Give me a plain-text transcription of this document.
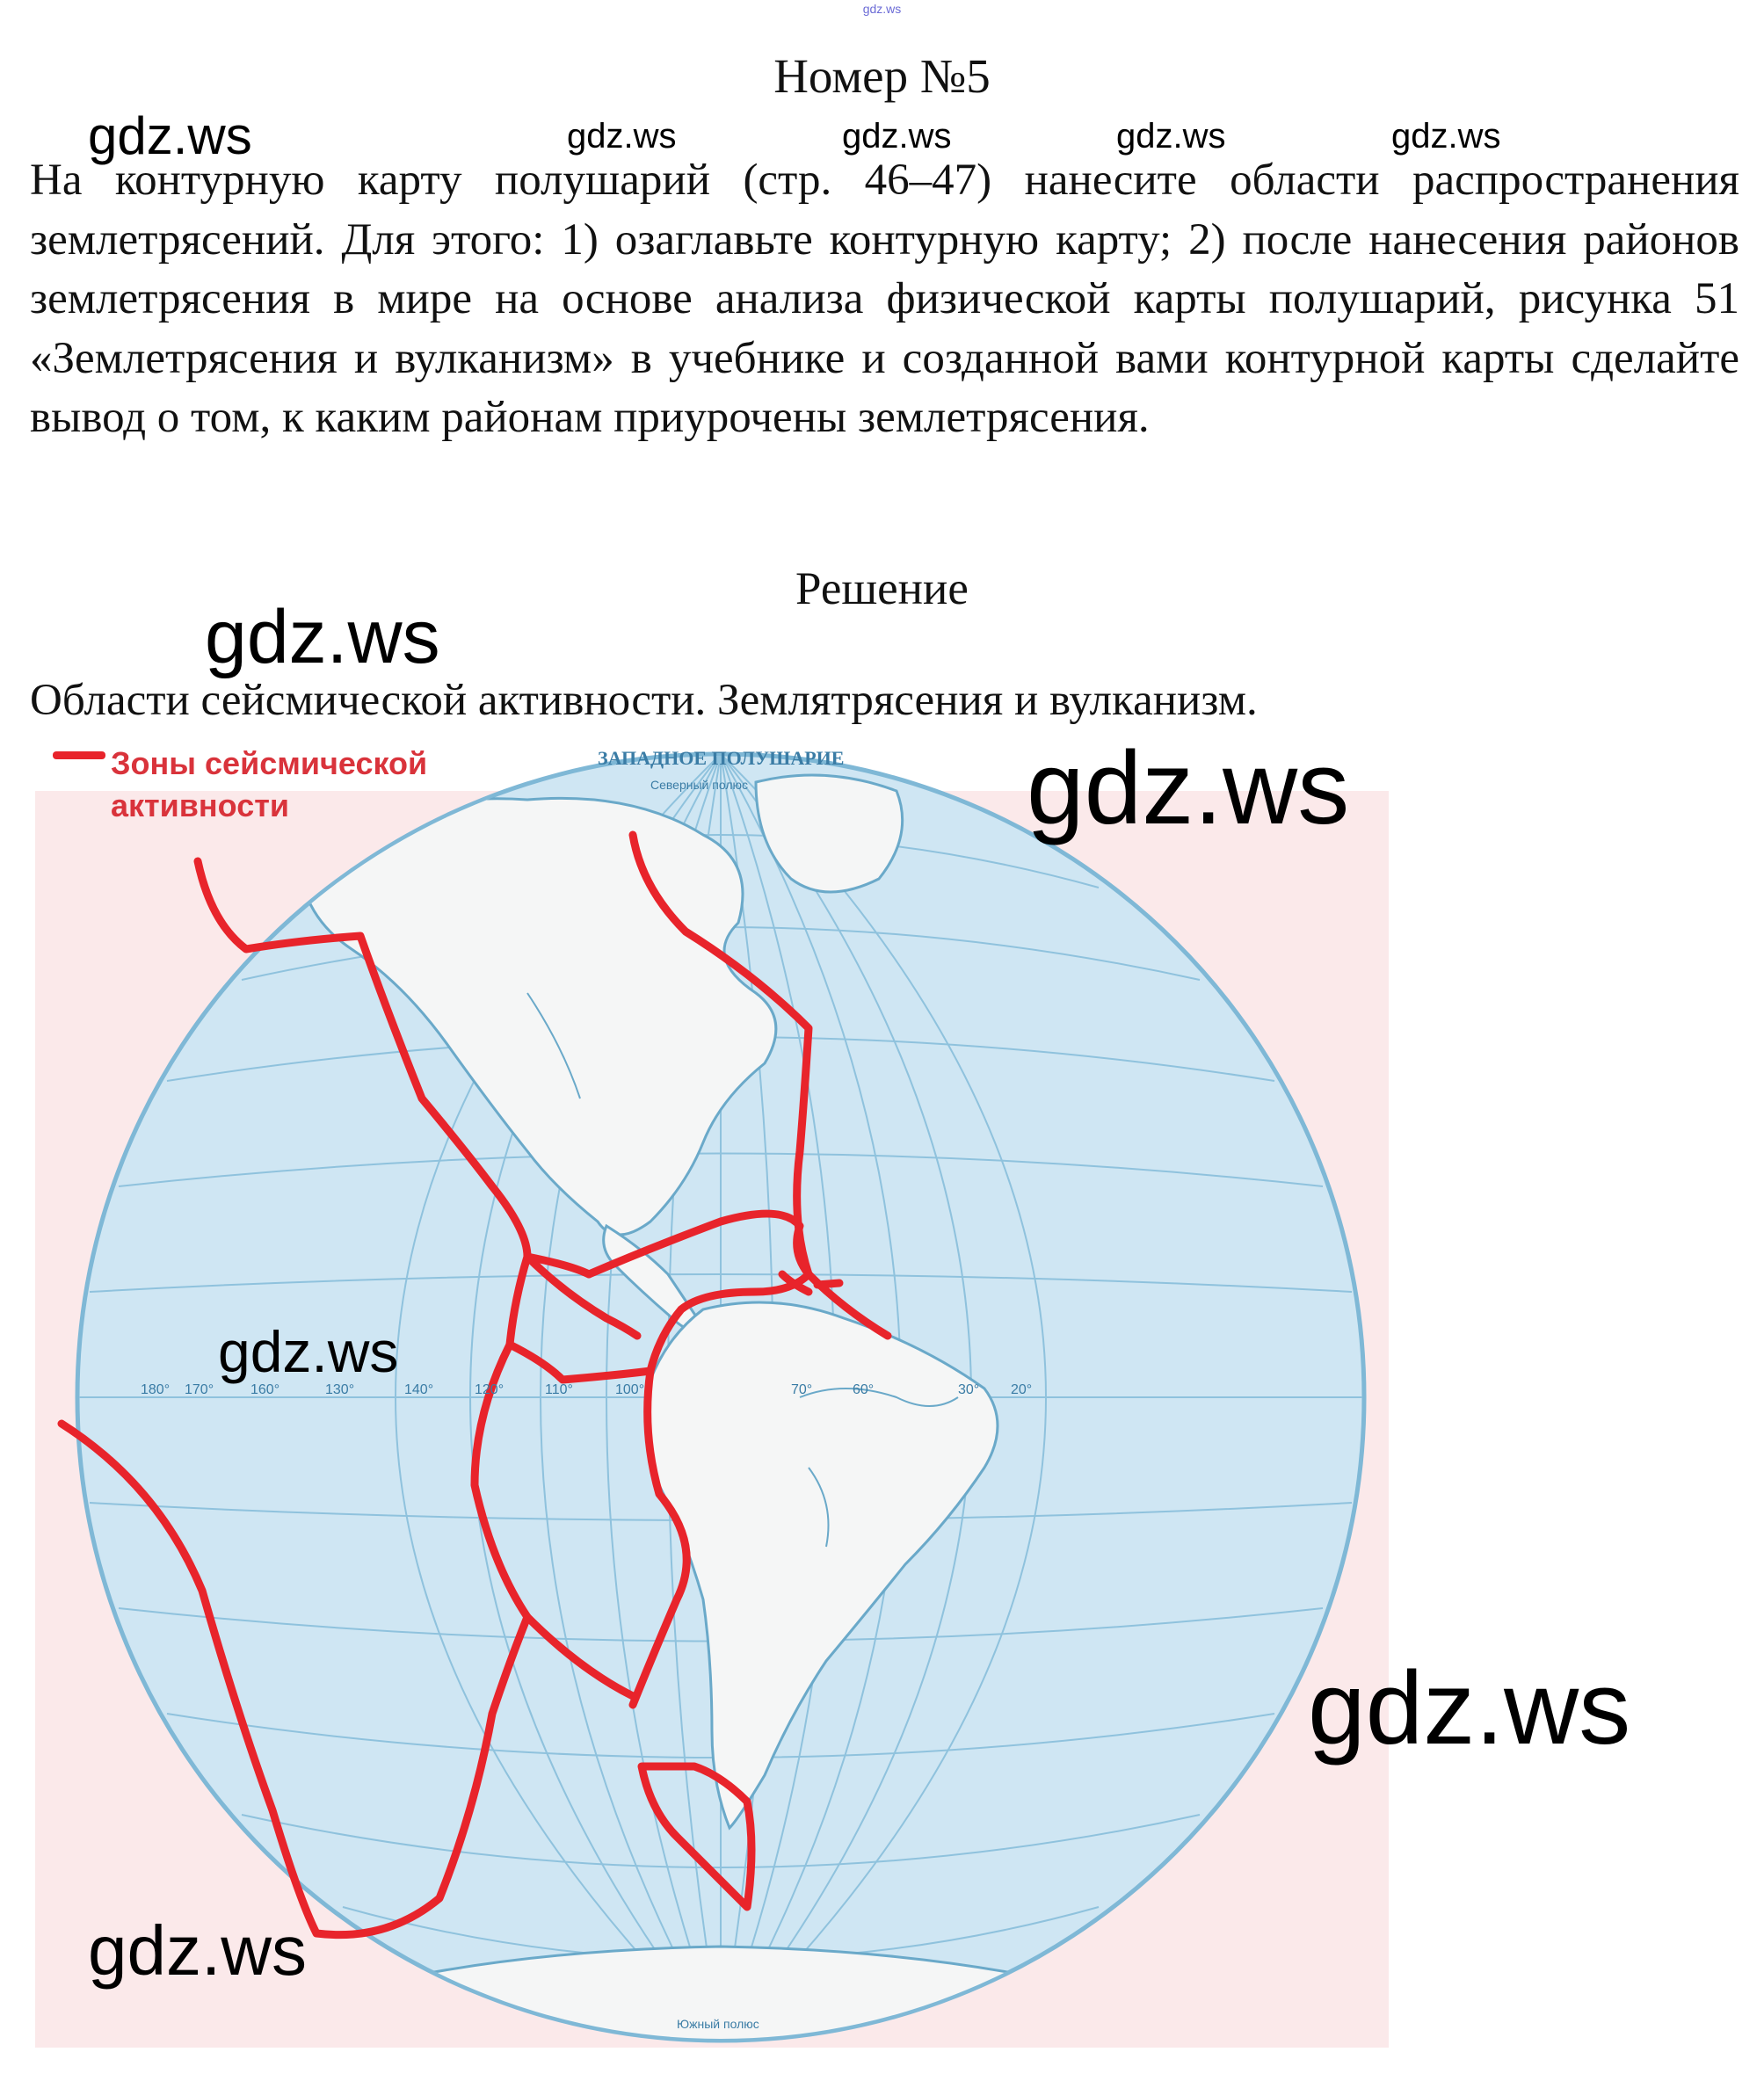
gdz.ws
Номер №5

На контурную карту полушарий (стр. 46–47) нанесите области распространения землетрясений. Для этого: 1) озаглавьте контурную карту; 2) после нанесения районов землетрясения в мире на основе анализа физической карты полушарий, рисунка 51 «Землетрясения и вулканизм» в учебнике и созданной вами контурной карты сделайте вывод о том, к каким районам приурочены землетрясения.

Решение

Области сейсмической активности. Землятрясения и вулканизм.

180° 170°	160°	130°	140°	120°	110°	100°	70°	60°	30° 20°
ЗАПАДНОЕ ПОЛУШАРИЕ
Северный полюс
Южный полюс
Зоны сейсмической активности
gdz.ws	gdz.ws	gdz.ws	gdz.ws	gdz.ws
gdz.ws
gdz.ws
gdz.ws
gdz.ws
gdz.ws
